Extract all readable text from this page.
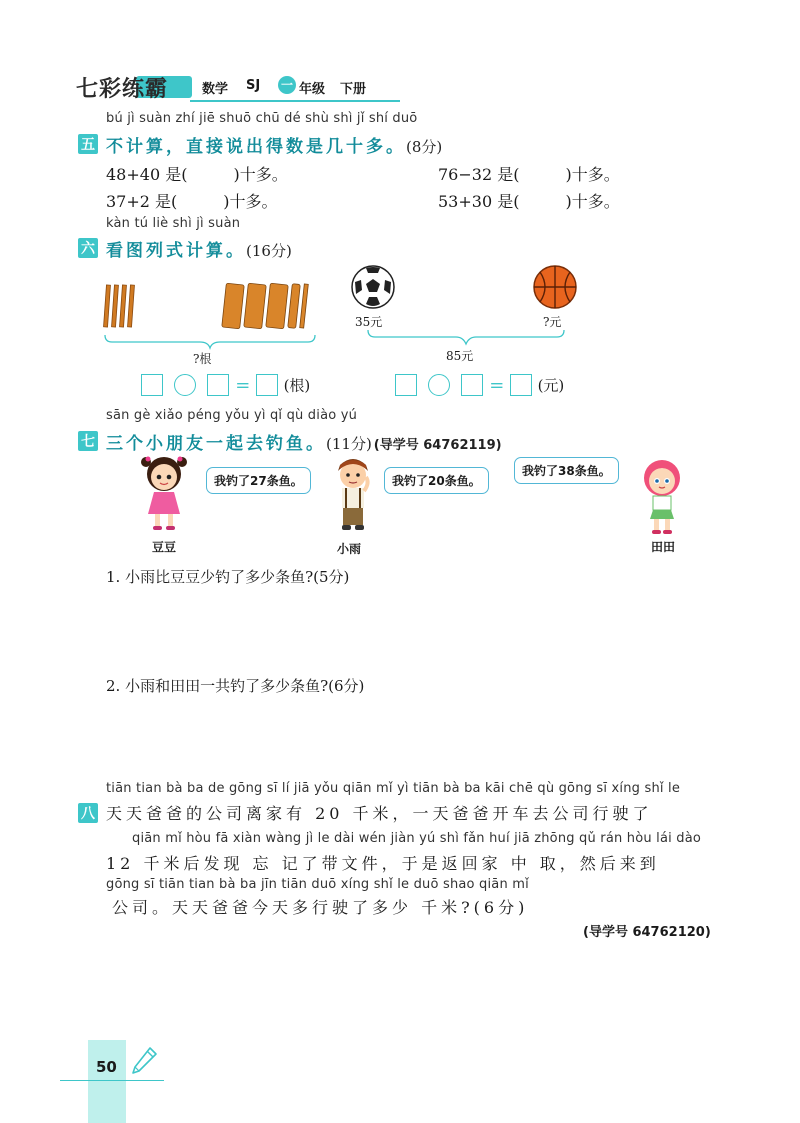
七彩练霸	数学 SJ 一 年级 下册
bú jì suàn zhí jiē shuō chū dé shù shì jǐ shí duō
五 不计算，直接说出得数是几十多。(8分)
48+40 是(	)十多。	76−32 是(	)十多。
37+2 是(	)十多。	53+30 是(	)十多。
kàn tú liè shì jì suàn
六 看图列式计算。(16分)
?根
35元	?元
85元
= (根)	= (元)
sān gè xiǎo péng yǒu yì qǐ qù diào yú
七 三个小朋友一起去钓鱼。(11分) (导学号 64762119)
我钓了27条鱼。
豆豆
我钓了20条鱼。
小雨
我钓了38条鱼。
田田
1. 小雨比豆豆少钓了多少条鱼?(5分)
2. 小雨和田田一共钓了多少条鱼?(6分)
tiān tian bà ba de gōng sī lí jiā yǒu qiān mǐ yì tiān bà ba kāi chē qù gōng sī xíng shǐ le
八 天天爸爸的公司离家有 20 千米，一天爸爸开车去公司行驶了
qiān mǐ hòu fā xiàn wàng jì le dài wén jiàn yú shì fǎn huí jiā zhōng qǔ rán hòu lái dào
12 千米后发现 忘 记了带文件，于是返回家 中 取，然后来到
gōng sī tiān tian bà ba jīn tiān duō xíng shǐ le duō shao qiān mǐ
公司。天天爸爸今天多行驶了多少 千米?(6分)
(导学号 64762120)
50
